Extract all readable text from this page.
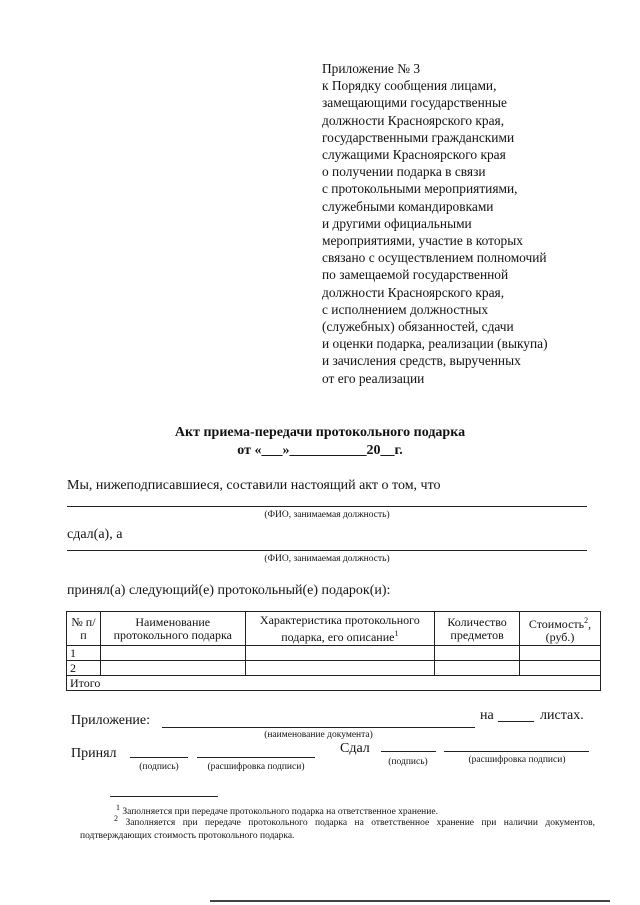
Приложение № 3
к Порядку сообщения лицами,
замещающими государственные
должности Красноярского края,
государственными гражданскими
служащими Красноярского края
о получении подарка в связи
с протокольными мероприятиями,
служебными командировками
и другими официальными
мероприятиями, участие в которых
связано с осуществлением полномочий
по замещаемой государственной
должности Красноярского края,
с исполнением должностных
(служебных) обязанностей, сдачи
и оценки подарка, реализации (выкупа)
и зачисления средств, вырученных
от его реализации
Акт приема-передачи протокольного подарка
от «___»___________20__г.
Мы, нижеподписавшиеся, составили настоящий акт о том, что
(ФИО, занимаемая должность)
сдал(а), а
(ФИО, занимаемая должность)
принял(а) следующий(е) протокольный(е) подарок(и):
№ п/п	Наименование протокольного подарка	Характеристика протокольного подарка, его описание$^1$	Количество предметов	Стоимость$^2$, (руб.)
1				
2				
Итого				
Приложение:
(наименование документа)
на	листах.
Принял
(подпись)	(расшифровка подписи)
Сдал
(подпись)	(расшифровка подписи)
$^1$ Заполняется при передаче протокольного подарка на ответственное хранение.
$^2$ Заполняется при передаче протокольного подарка на ответственное хранение при наличии документов, подтверждающих стоимость протокольного подарка.
